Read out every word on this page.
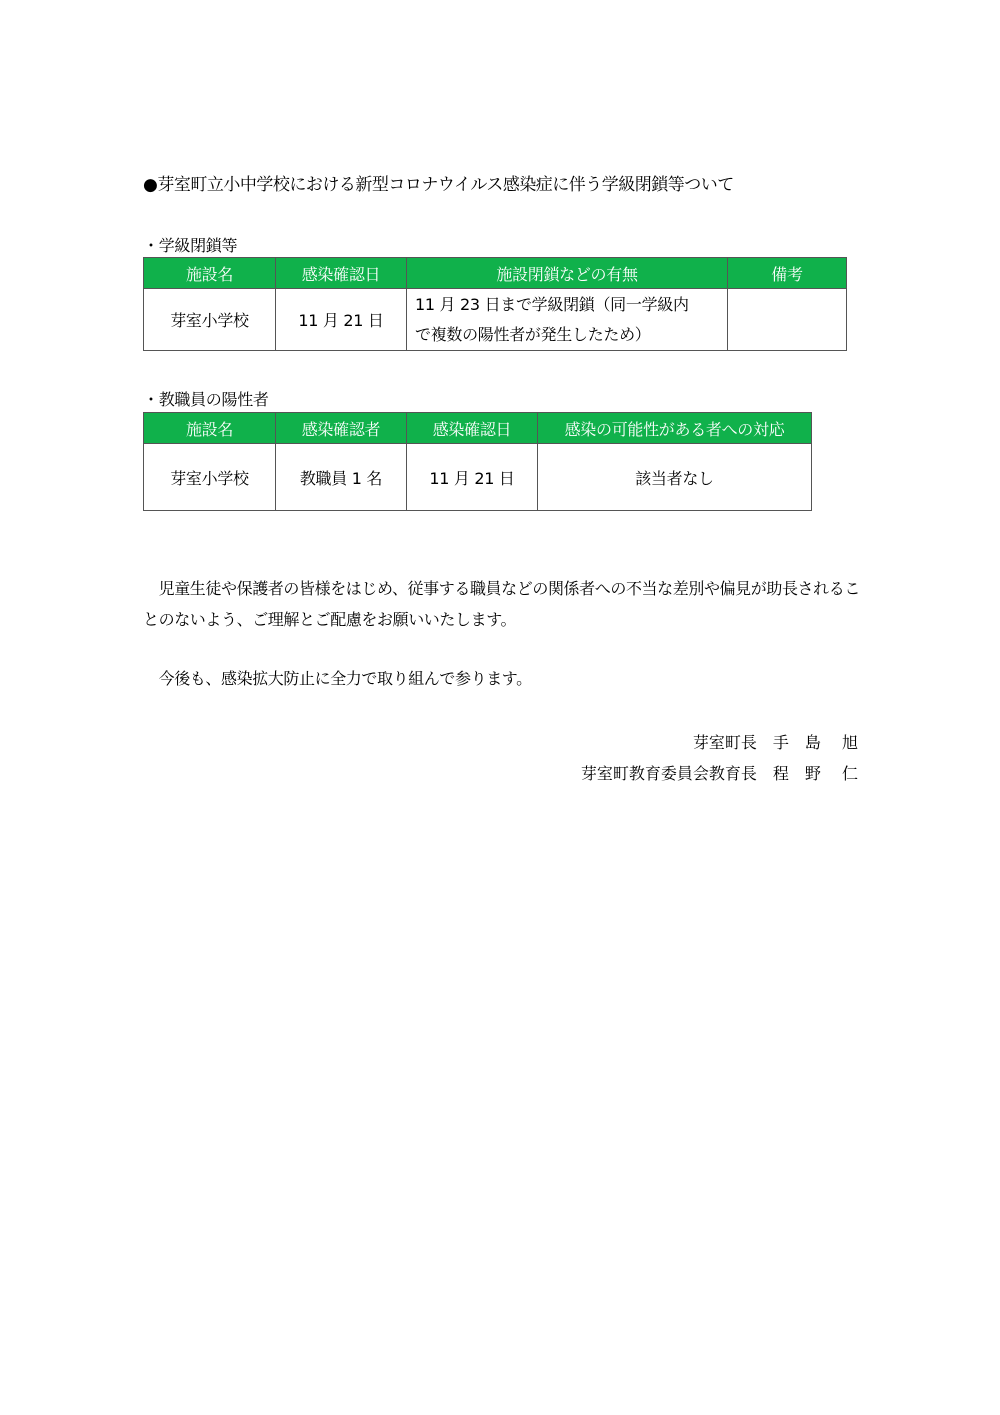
●芽室町立小中学校における新型コロナウイルス感染症に伴う学級閉鎖等ついて
・学級閉鎖等
施設名	感染確認日	施設閉鎖などの有無	備考
芽室小学校	11 月 21 日	11 月 23 日まで学級閉鎖（同一学級内
で複数の陽性者が発生したため）	

・教職員の陽性者
施設名	感染確認者	感染確認日	感染の可能性がある者への対応
芽室小学校	教職員 1 名	11 月 21 日	該当者なし
　児童生徒や保護者の皆様をはじめ、従事する職員などの関係者への不当な差別や偏見が助長されることのないよう、ご理解とご配慮をお願いいたします。
　今後も、感染拡大防止に全力で取り組んで参ります。
芽室町長　手　島　 旭
芽室町教育委員会教育長　程　野　 仁
